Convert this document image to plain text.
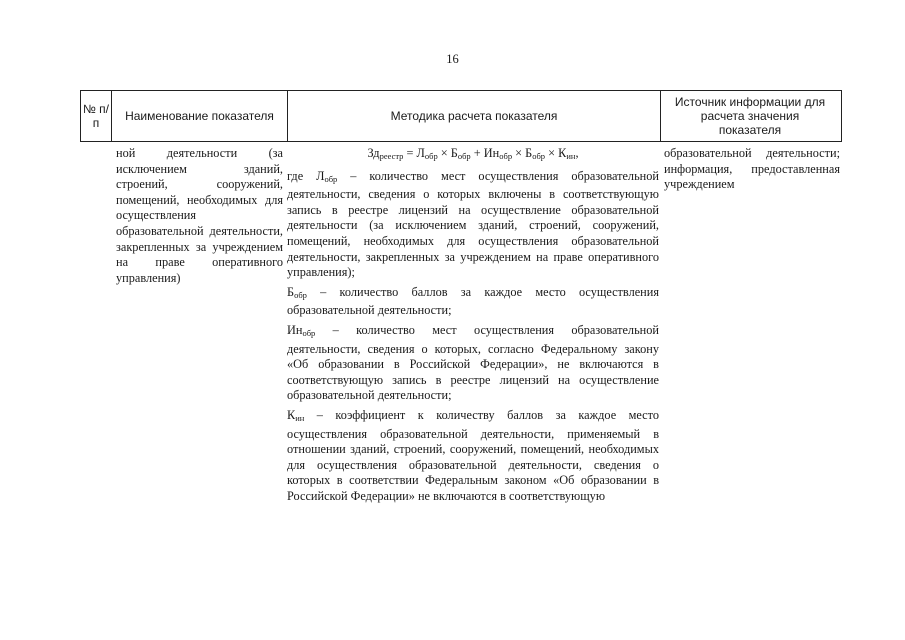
16
№ п/п	Наименование показателя	Методика расчета показателя
Источник информации для расчета значения показателя

ной деятельности (за исключением зданий, строений, сооружений, помещений, необходимых для осуществления образовательной деятельности, закрепленных за учреждением на праве оперативного управления)

$Зд_{реестр} = Л_{обр} \times Б_{обр} + Ин_{обр} \times Б_{обр} \times К_{ин}$,

где $Л_{обр}$ – количество мест осуществления образовательной деятельности, сведения о которых включены в соответствующую запись в реестре лицензий на осуществление образовательной деятельности (за исключением зданий, строений, сооружений, помещений, необходимых для осуществления образовательной деятельности, закрепленных за учреждением на праве оперативного управления);

$Б_{обр}$ – количество баллов за каждое место осуществления образовательной деятельности;

$Ин_{обр}$ – количество мест осуществления образовательной деятельности, сведения о которых, согласно Федеральному закону «Об образовании в Российской Федерации», не включаются в соответствующую запись в реестре лицензий на осуществление образовательной деятельности;

$К_{ин}$ – коэффициент к количеству баллов за каждое место осуществления образовательной деятельности, применяемый в отношении зданий, строений, сооружений, помещений, необходимых для осуществления образовательной деятельности, сведения о которых в соответствии Федеральным законом «Об образовании в Российской Федерации» не включаются в соответствующую

образовательной деятельности; информация, предоставленная учреждением
